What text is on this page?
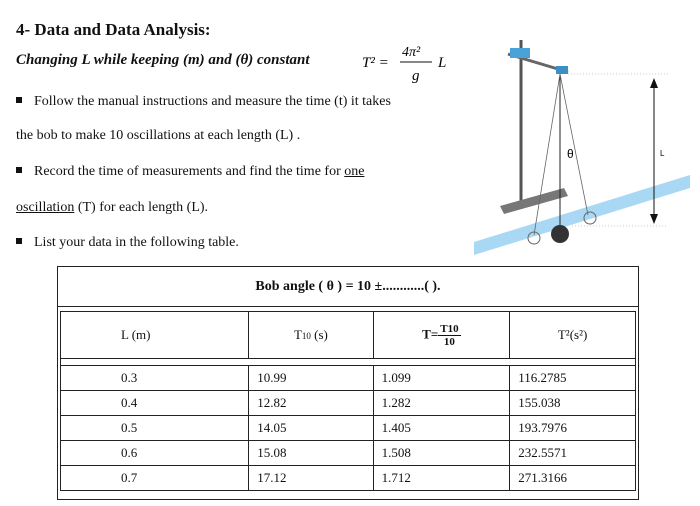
4- Data and Data Analysis:
Changing L while keeping (m) and (θ) constant	T² =
4π²
g
L
Follow the manual instructions and measure the time (t) it takes
the bob to make 10 oscillations at each length (L) .
Record the time of measurements and find the time for one
oscillation (T) for each length (L).
List your data in the following table.
θ	L
Bob angle ( θ ) = 10 ±............( ).
L (m)	T10 (s)	$T= \frac{T10}{10}$	T²(s²)

0.3	10.99	1.099	116.2785
0.4	12.82	1.282	155.038
0.5	14.05	1.405	193.7976
0.6	15.08	1.508	232.5571
0.7	17.12	1.712	271.3166
